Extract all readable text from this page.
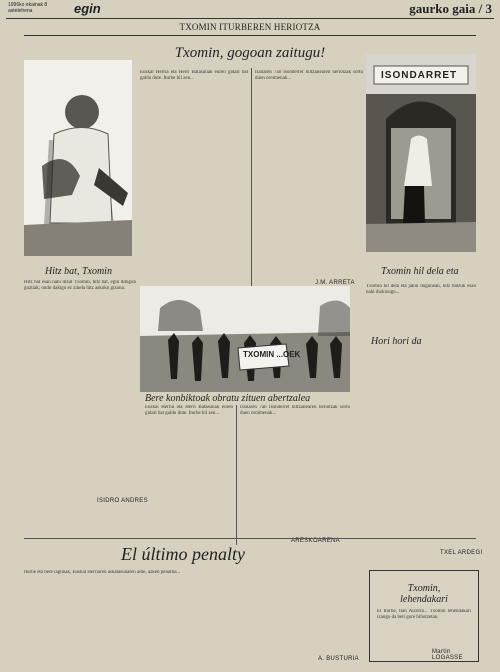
1996ko ekainak 8
astelehena	egin	gaurko gaia / 3
TXOMIN ITURBEREN HERIOTZA
Txomin, gogoan zaitugu!
Hitz bat, Txomin
Euskal Herria eta Herri Batasunak euren gidari bat galdu dute. Iturbe hil zen...
Irailaren 7an Isonderret hiltzailearen heriotzak sortu duen oroimenak...
J.M. ARRETA
ISONDARRET
Txomin hil dela eta
Hitz bat esan nahi dizut Txomin, hitz bat, egin ditugun guztiak; ondo dakigu ez zinela hitz askoko gizona.
ISIDRO ANDRES
TXOMIN ...OEK
Bere konbiktoak obratu zituen abertzalea
Hori hori da
Txomin hil dela eta jakin dugunean, hitz batzuk esan nahi dizkizugu...
TXEL ARDEGI
Euskal Herria eta Herri Batasunak euren gidari bat galdu dute. Iturbe hil zen...
Irailaren 7an Isonderret hiltzailearen heriotzak sortu duen oroimenak...
ARESKOARENA
El último penalty
Iturbe eta bere lagunak, Euskal Herriaren askatasunaren alde, azken penaltia...
A. BUSTURIA
Txomin, lehendakari
El Iturbe, Ilan Aizorra... Txomin lehendakari izango da beti gure bihotzetan.
Martin LOGASSE
